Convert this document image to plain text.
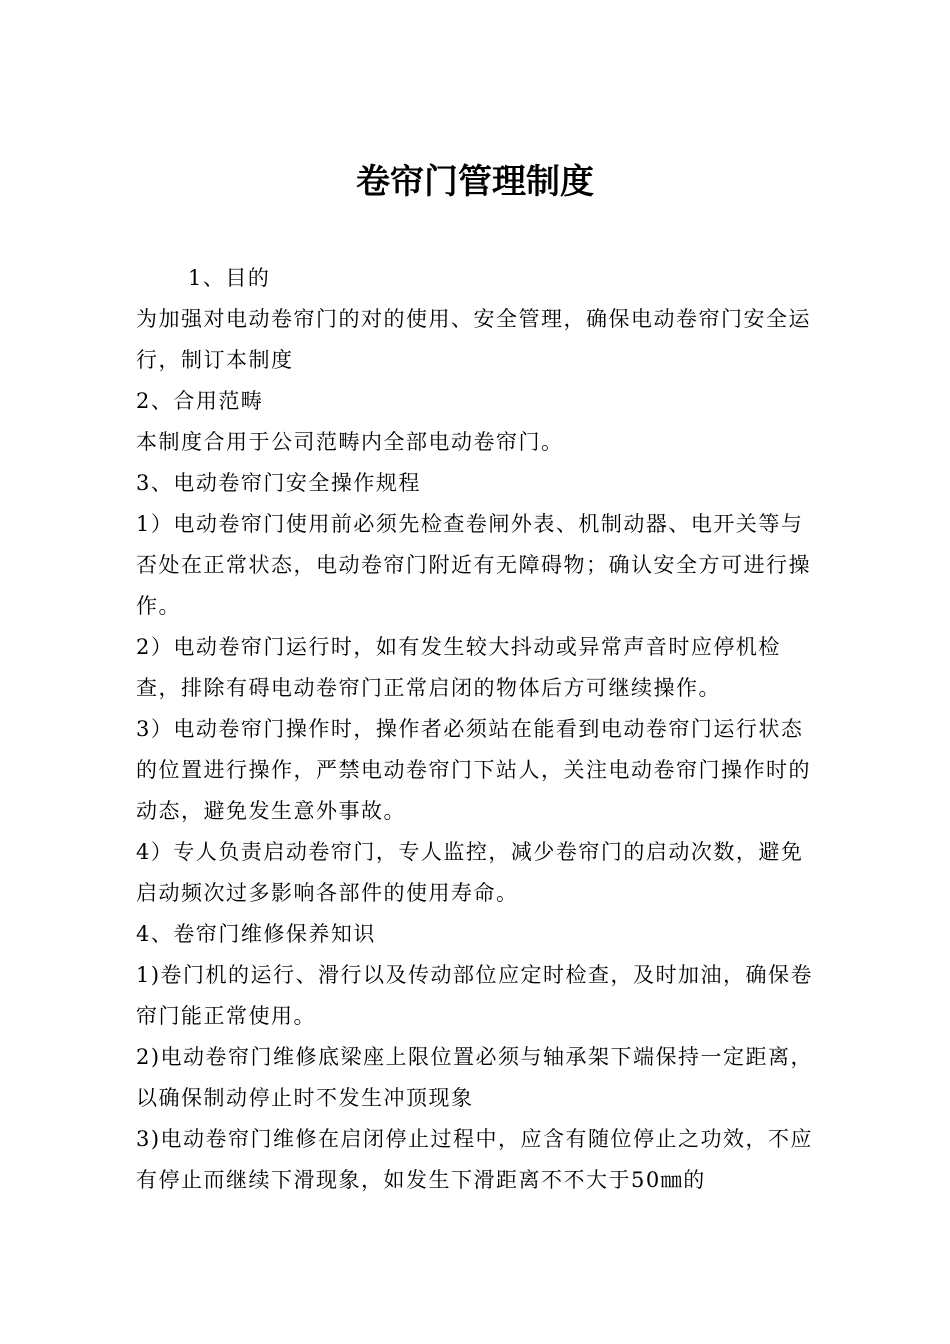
卷帘门管理制度

1、目的

为加强对电动卷帘门的对的使用、安全管理，确保电动卷帘门安全运行，制订本制度

2、合用范畴

本制度合用于公司范畴内全部电动卷帘门。

3、电动卷帘门安全操作规程

1）电动卷帘门使用前必须先检查卷闸外表、机制动器、电开关等与否处在正常状态，电动卷帘门附近有无障碍物；确认安全方可进行操作。

2）电动卷帘门运行时，如有发生较大抖动或异常声音时应停机检查，排除有碍电动卷帘门正常启闭的物体后方可继续操作。

3）电动卷帘门操作时，操作者必须站在能看到电动卷帘门运行状态的位置进行操作，严禁电动卷帘门下站人，关注电动卷帘门操作时的动态，避免发生意外事故。

4）专人负责启动卷帘门，专人监控，减少卷帘门的启动次数，避免启动频次过多影响各部件的使用寿命。

4、卷帘门维修保养知识

1)卷门机的运行、滑行以及传动部位应定时检查，及时加油，确保卷帘门能正常使用。

2)电动卷帘门维修底梁座上限位置必须与轴承架下端保持一定距离，以确保制动停止时不发生冲顶现象

3)电动卷帘门维修在启闭停止过程中，应含有随位停止之功效，不应有停止而继续下滑现象，如发生下滑距离不不大于50㎜的
